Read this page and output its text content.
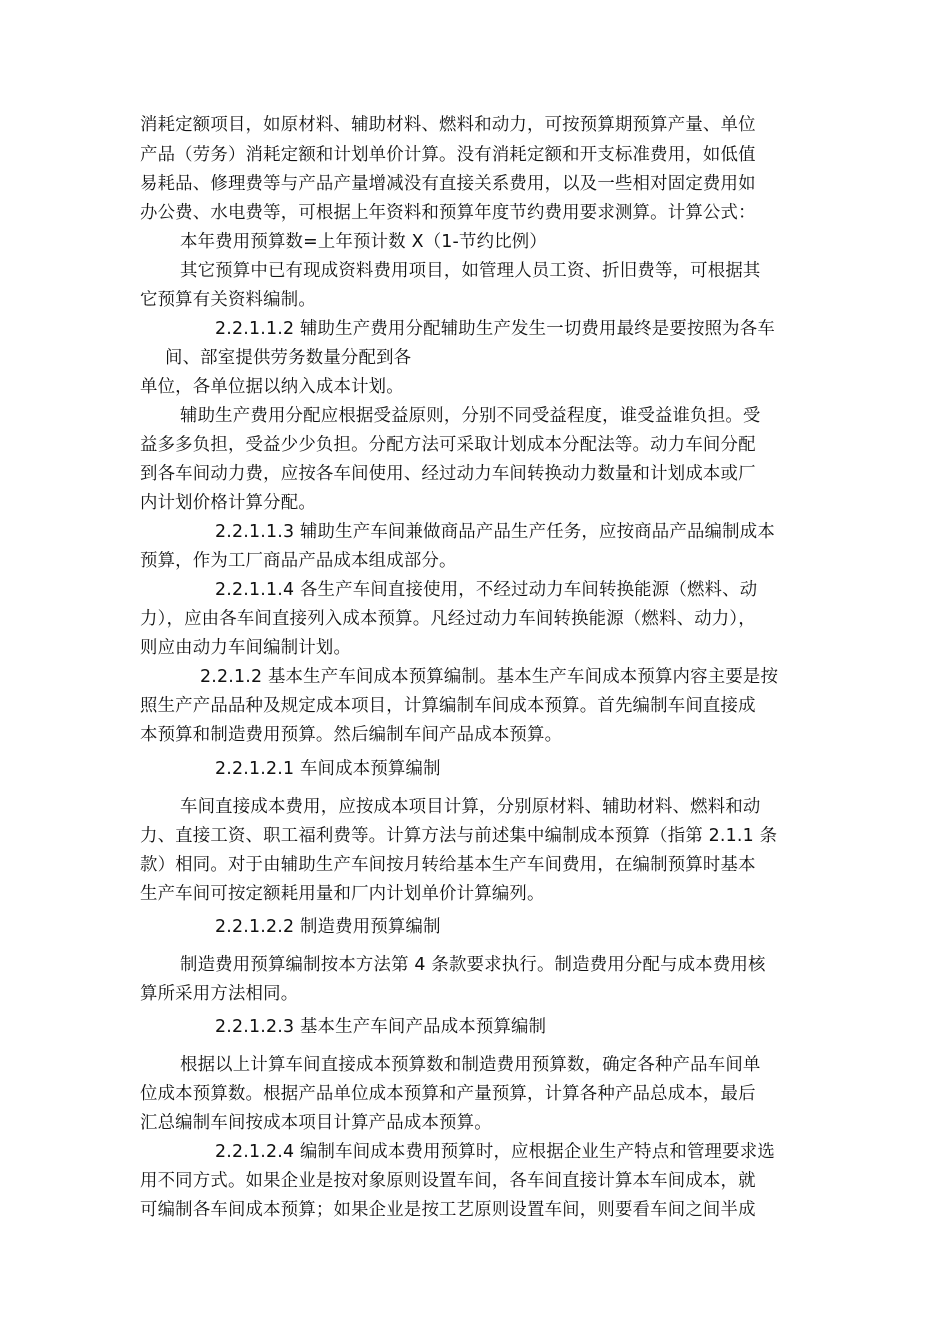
消耗定额项目，如原材料、辅助材料、燃料和动力，可按预算期预算产量、单位
产品（劳务）消耗定额和计划单价计算。没有消耗定额和开支标准费用，如低值
易耗品、修理费等与产品产量增减没有直接关系费用，以及一些相对固定费用如
办公费、水电费等，可根据上年资料和预算年度节约费用要求测算。计算公式：
本年费用预算数=上年预计数 X（1-节约比例）
其它预算中已有现成资料费用项目，如管理人员工资、折旧费等，可根据其
它预算有关资料编制。
2.2.1.1.2 辅助生产费用分配辅助生产发生一切费用最终是要按照为各车
间、部室提供劳务数量分配到各
单位，各单位据以纳入成本计划。
辅助生产费用分配应根据受益原则，分别不同受益程度，谁受益谁负担。受
益多多负担，受益少少负担。分配方法可采取计划成本分配法等。动力车间分配
到各车间动力费，应按各车间使用、经过动力车间转换动力数量和计划成本或厂
内计划价格计算分配。
2.2.1.1.3 辅助生产车间兼做商品产品生产任务，应按商品产品编制成本
预算，作为工厂商品产品成本组成部分。
2.2.1.1.4 各生产车间直接使用，不经过动力车间转换能源（燃料、动
力），应由各车间直接列入成本预算。凡经过动力车间转换能源（燃料、动力），
则应由动力车间编制计划。
2.2.1.2 基本生产车间成本预算编制。基本生产车间成本预算内容主要是按
照生产产品品种及规定成本项目，计算编制车间成本预算。首先编制车间直接成
本预算和制造费用预算。然后编制车间产品成本预算。
2.2.1.2.1 车间成本预算编制
车间直接成本费用，应按成本项目计算，分别原材料、辅助材料、燃料和动
力、直接工资、职工福利费等。计算方法与前述集中编制成本预算（指第 2.1.1 条
款）相同。对于由辅助生产车间按月转给基本生产车间费用，在编制预算时基本
生产车间可按定额耗用量和厂内计划单价计算编列。
2.2.1.2.2 制造费用预算编制
制造费用预算编制按本方法第 4 条款要求执行。制造费用分配与成本费用核
算所采用方法相同。
2.2.1.2.3 基本生产车间产品成本预算编制
根据以上计算车间直接成本预算数和制造费用预算数，确定各种产品车间单
位成本预算数。根据产品单位成本预算和产量预算，计算各种产品总成本，最后
汇总编制车间按成本项目计算产品成本预算。
2.2.1.2.4 编制车间成本费用预算时，应根据企业生产特点和管理要求选
用不同方式。如果企业是按对象原则设置车间，各车间直接计算本车间成本，就
可编制各车间成本预算；如果企业是按工艺原则设置车间，则要看车间之间半成
